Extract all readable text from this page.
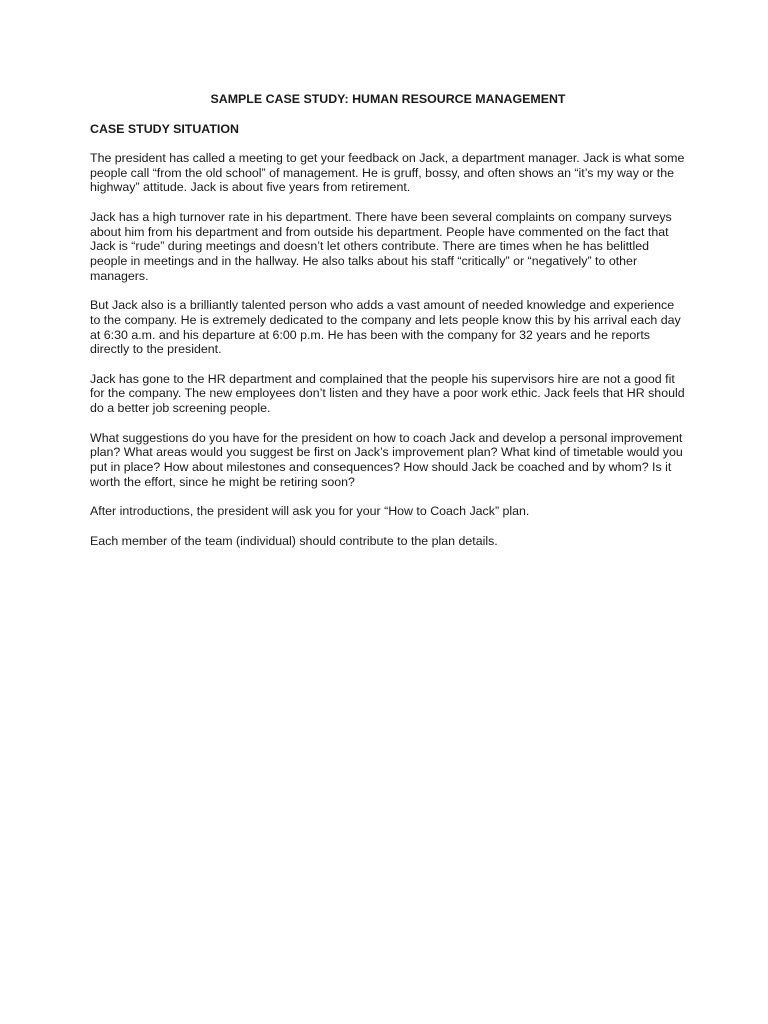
SAMPLE CASE STUDY: HUMAN RESOURCE MANAGEMENT

CASE STUDY SITUATION

The president has called a meeting to get your feedback on Jack, a department manager. Jack is what some people call “from the old school” of management. He is gruff, bossy, and often shows an “it’s my way or the highway” attitude. Jack is about five years from retirement.

Jack has a high turnover rate in his department. There have been several complaints on company surveys about him from his department and from outside his department. People have commented on the fact that Jack is “rude” during meetings and doesn’t let others contribute. There are times when he has belittled people in meetings and in the hallway. He also talks about his staff “critically” or “negatively” to other managers.

But Jack also is a brilliantly talented person who adds a vast amount of needed knowledge and experience to the company. He is extremely dedicated to the company and lets people know this by his arrival each day at 6:30 a.m. and his departure at 6:00 p.m. He has been with the company for 32 years and he reports directly to the president.

Jack has gone to the HR department and complained that the people his supervisors hire are not a good fit for the company. The new employees don’t listen and they have a poor work ethic. Jack feels that HR should do a better job screening people.

What suggestions do you have for the president on how to coach Jack and develop a personal improvement plan? What areas would you suggest be first on Jack’s improvement plan? What kind of timetable would you put in place? How about milestones and consequences? How should Jack be coached and by whom? Is it worth the effort, since he might be retiring soon?

After introductions, the president will ask you for your “How to Coach Jack” plan.

Each member of the team (individual) should contribute to the plan details.
